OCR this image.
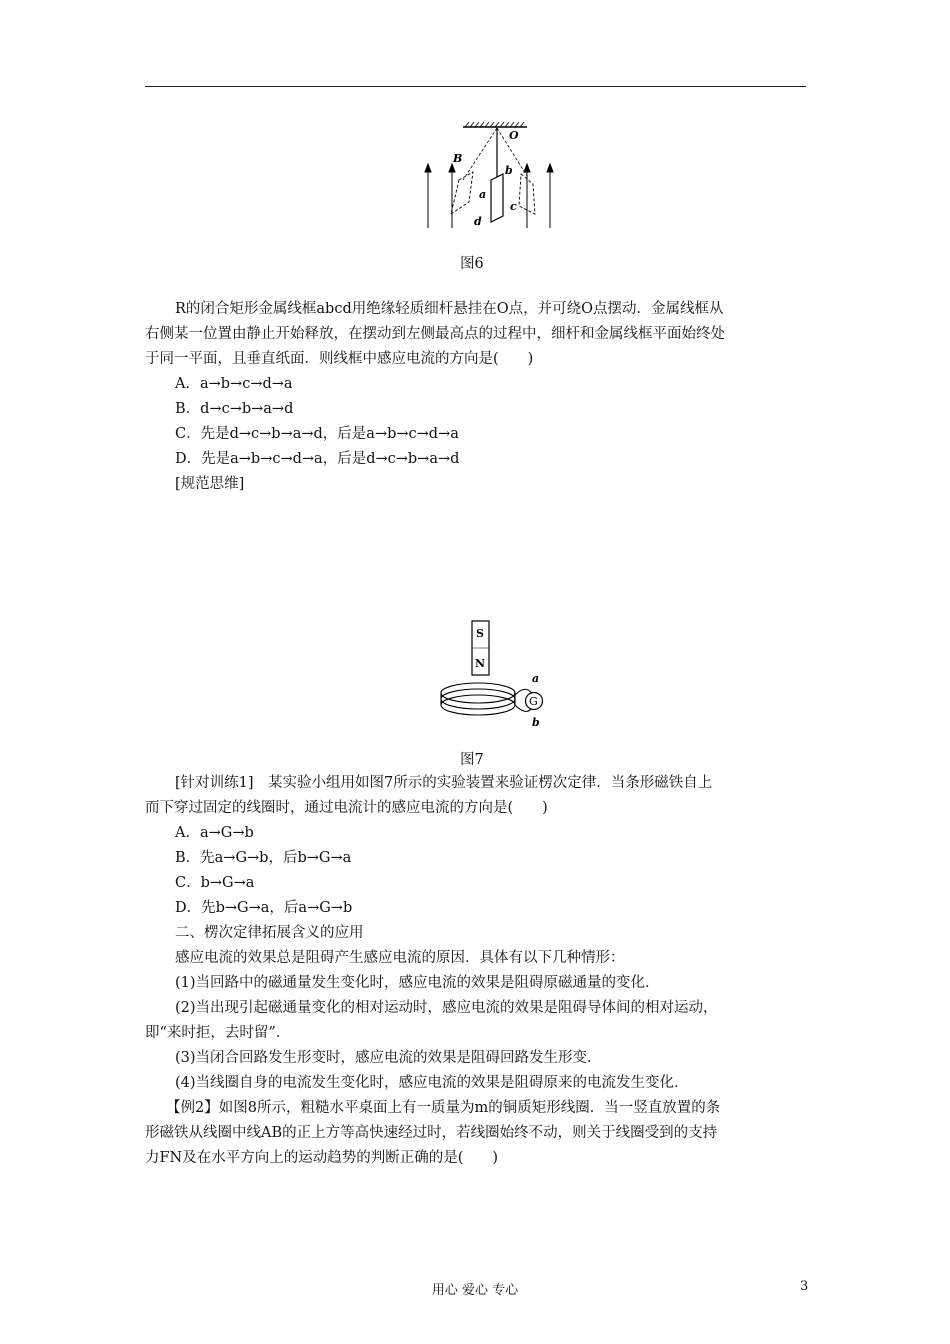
O
B
a
b
c
d
图6
R的闭合矩形金属线框abcd用绝缘轻质细杆悬挂在O点，并可绕O点摆动．金属线框从
右侧某一位置由静止开始释放，在摆动到左侧最高点的过程中，细杆和金属线框平面始终处
于同一平面，且垂直纸面．则线框中感应电流的方向是(　　)
A．a→b→c→d→a
B．d→c→b→a→d
C．先是d→c→b→a→d，后是a→b→c→d→a
D．先是a→b→c→d→a，后是d→c→b→a→d
[规范思维]
S
N
G
a
b
图7
[针对训练1]　某实验小组用如图7所示的实验装置来验证楞次定律．当条形磁铁自上
而下穿过固定的线圈时，通过电流计的感应电流的方向是(　　)
A．a→G→b
B．先a→G→b，后b→G→a
C．b→G→a
D．先b→G→a，后a→G→b
二、楞次定律拓展含义的应用
感应电流的效果总是阻碍产生感应电流的原因．具体有以下几种情形：
(1)当回路中的磁通量发生变化时，感应电流的效果是阻碍原磁通量的变化．
(2)当出现引起磁通量变化的相对运动时，感应电流的效果是阻碍导体间的相对运动，
即“来时拒，去时留”．
(3)当闭合回路发生形变时，感应电流的效果是阻碍回路发生形变．
(4)当线圈自身的电流发生变化时，感应电流的效果是阻碍原来的电流发生变化．
【例2】如图8所示，粗糙水平桌面上有一质量为m的铜质矩形线圈．当一竖直放置的条
形磁铁从线圈中线AB的正上方等高快速经过时，若线圈始终不动，则关于线圈受到的支持
力FN及在水平方向上的运动趋势的判断正确的是(　　)
用心 爱心 专心	3
